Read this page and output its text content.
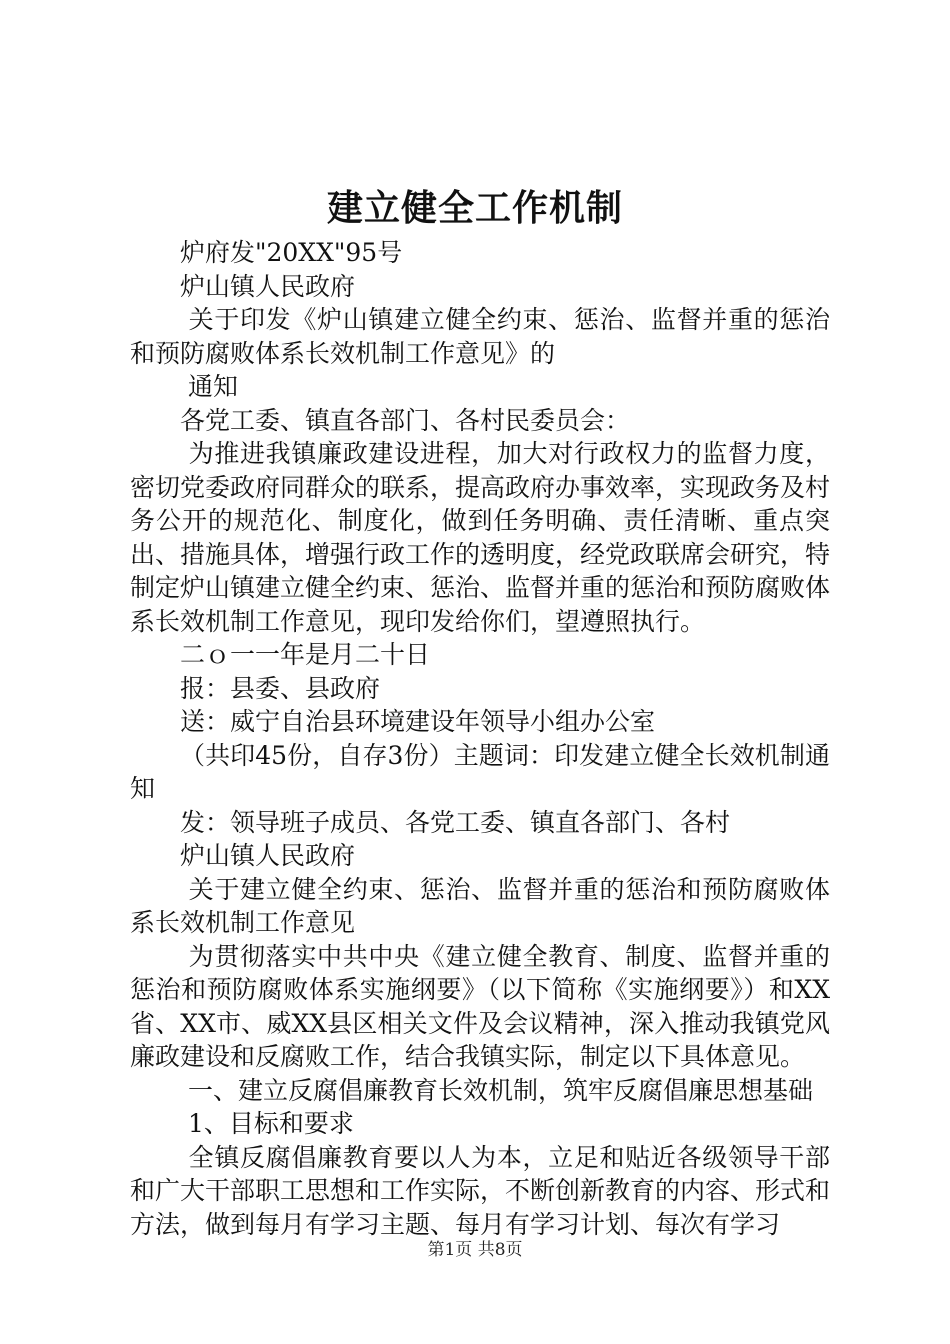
建立健全工作机制

炉府发"20XX"95号

炉山镇人民政府

关于印发《炉山镇建立健全约束、惩治、监督并重的惩治和预防腐败体系长效机制工作意见》的

通知

各党工委、镇直各部门、各村民委员会：

为推进我镇廉政建设进程，加大对行政权力的监督力度，密切党委政府同群众的联系，提高政府办事效率，实现政务及村务公开的规范化、制度化，做到任务明确、责任清晰、重点突出、措施具体，增强行政工作的透明度，经党政联席会研究，特制定炉山镇建立健全约束、惩治、监督并重的惩治和预防腐败体系长效机制工作意见，现印发给你们，望遵照执行。

二ｏ一一年是月二十日

报：县委、县政府

送：威宁自治县环境建设年领导小组办公室

（共印45份，自存3份）主题词：印发建立健全长效机制通知

发：领导班子成员、各党工委、镇直各部门、各村

炉山镇人民政府

关于建立健全约束、惩治、监督并重的惩治和预防腐败体系长效机制工作意见

为贯彻落实中共中央《建立健全教育、制度、监督并重的惩治和预防腐败体系实施纲要》（以下简称《实施纲要》）和XX省、XX市、威XX县区相关文件及会议精神，深入推动我镇党风廉政建设和反腐败工作，结合我镇实际，制定以下具体意见。

一、建立反腐倡廉教育长效机制，筑牢反腐倡廉思想基础

1、目标和要求

全镇反腐倡廉教育要以人为本，立足和贴近各级领导干部和广大干部职工思想和工作实际，不断创新教育的内容、形式和方法，做到每月有学习主题、每月有学习计划、每次有学习

第1页 共8页
